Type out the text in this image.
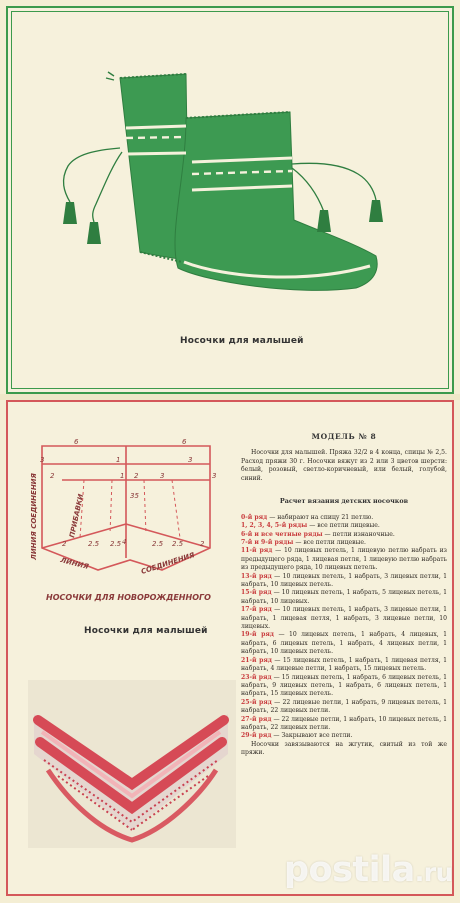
Носочки для малышей
6	6
3	1	3
2	1 2	3
35
3
2.5 2.5 4	2.5 2.5
2	2
ЛИНИЯ СОЕДИНЕНИЯ	ПРИБАВКИ
ЛИНИЯ	СОЕДИНЕНИЯ
НОСОЧКИ ДЛЯ НОВОРОЖДЕННОГО
Носочки для малышей
МОДЕЛЬ № 8

Носочки для малышей. Пряжа 32/2 в 4 конца, спицы № 2,5. Расход пряжи 30 г. Носочки вяжут из 2 или 3 цветов шерсти: белый, розовый, светло-коричневый, или белый, голубой, синий.

Расчет вязания детских носочков

0-й ряд — набирают на спицу 21 петлю.

1, 2, 3, 4, 5-й ряды — все петли лицевые.

6-й и все четные ряды — петли изнаночные.

7-й и 9-й ряды — все петли лицевые.

11-й ряд — 10 лицевых петель, 1 лицевую петлю набрать из предыдущего ряда, 1 лицевая петля, 1 лицевую петлю набрать из предыдущего ряда, 10 лицевых петель.

13-й ряд — 10 лицевых петель, 1 набрать, 3 лицевых петли, 1 набрать, 10 лицевых петель.

15-й ряд — 10 лицевых петель, 1 набрать, 5 лицевых петель, 1 набрать, 10 лицевых.

17-й ряд — 10 лицевых петель, 1 набрать, 3 лицевые петли, 1 набрать, 1 лицевая петля, 1 набрать, 3 лицевые петли, 10 лицевых.

19-й ряд — 10 лицевых петель, 1 набрать, 4 лицевых, 1 набрать, 6 лицевых петель, 1 набрать, 4 лицевых петли, 1 набрать, 10 лицевых петель.

21-й ряд — 15 лицевых петель, 1 набрать, 1 лицевая петля, 1 набрать, 4 лицевые петли, 1 набрать, 15 лицевых петель.

23-й ряд — 15 лицевых петель, 1 набрать, 6 лицевых петель, 1 набрать, 9 лицевых петель, 1 набрать, 6 лицевых петель, 1 набрать, 15 лицевых петель.

25-й ряд — 22 лицевые петли, 1 набрать, 9 лицевых петель, 1 набрать, 22 лицевых петли.

27-й ряд — 22 лицевые петли, 1 набрать, 10 лицевых петель, 1 набрать, 22 лицевых петли.

29-й ряд — Закрывают все петли.

Носочки завязываются на жгутик, свитый из той же пряжи.

postila.ru
